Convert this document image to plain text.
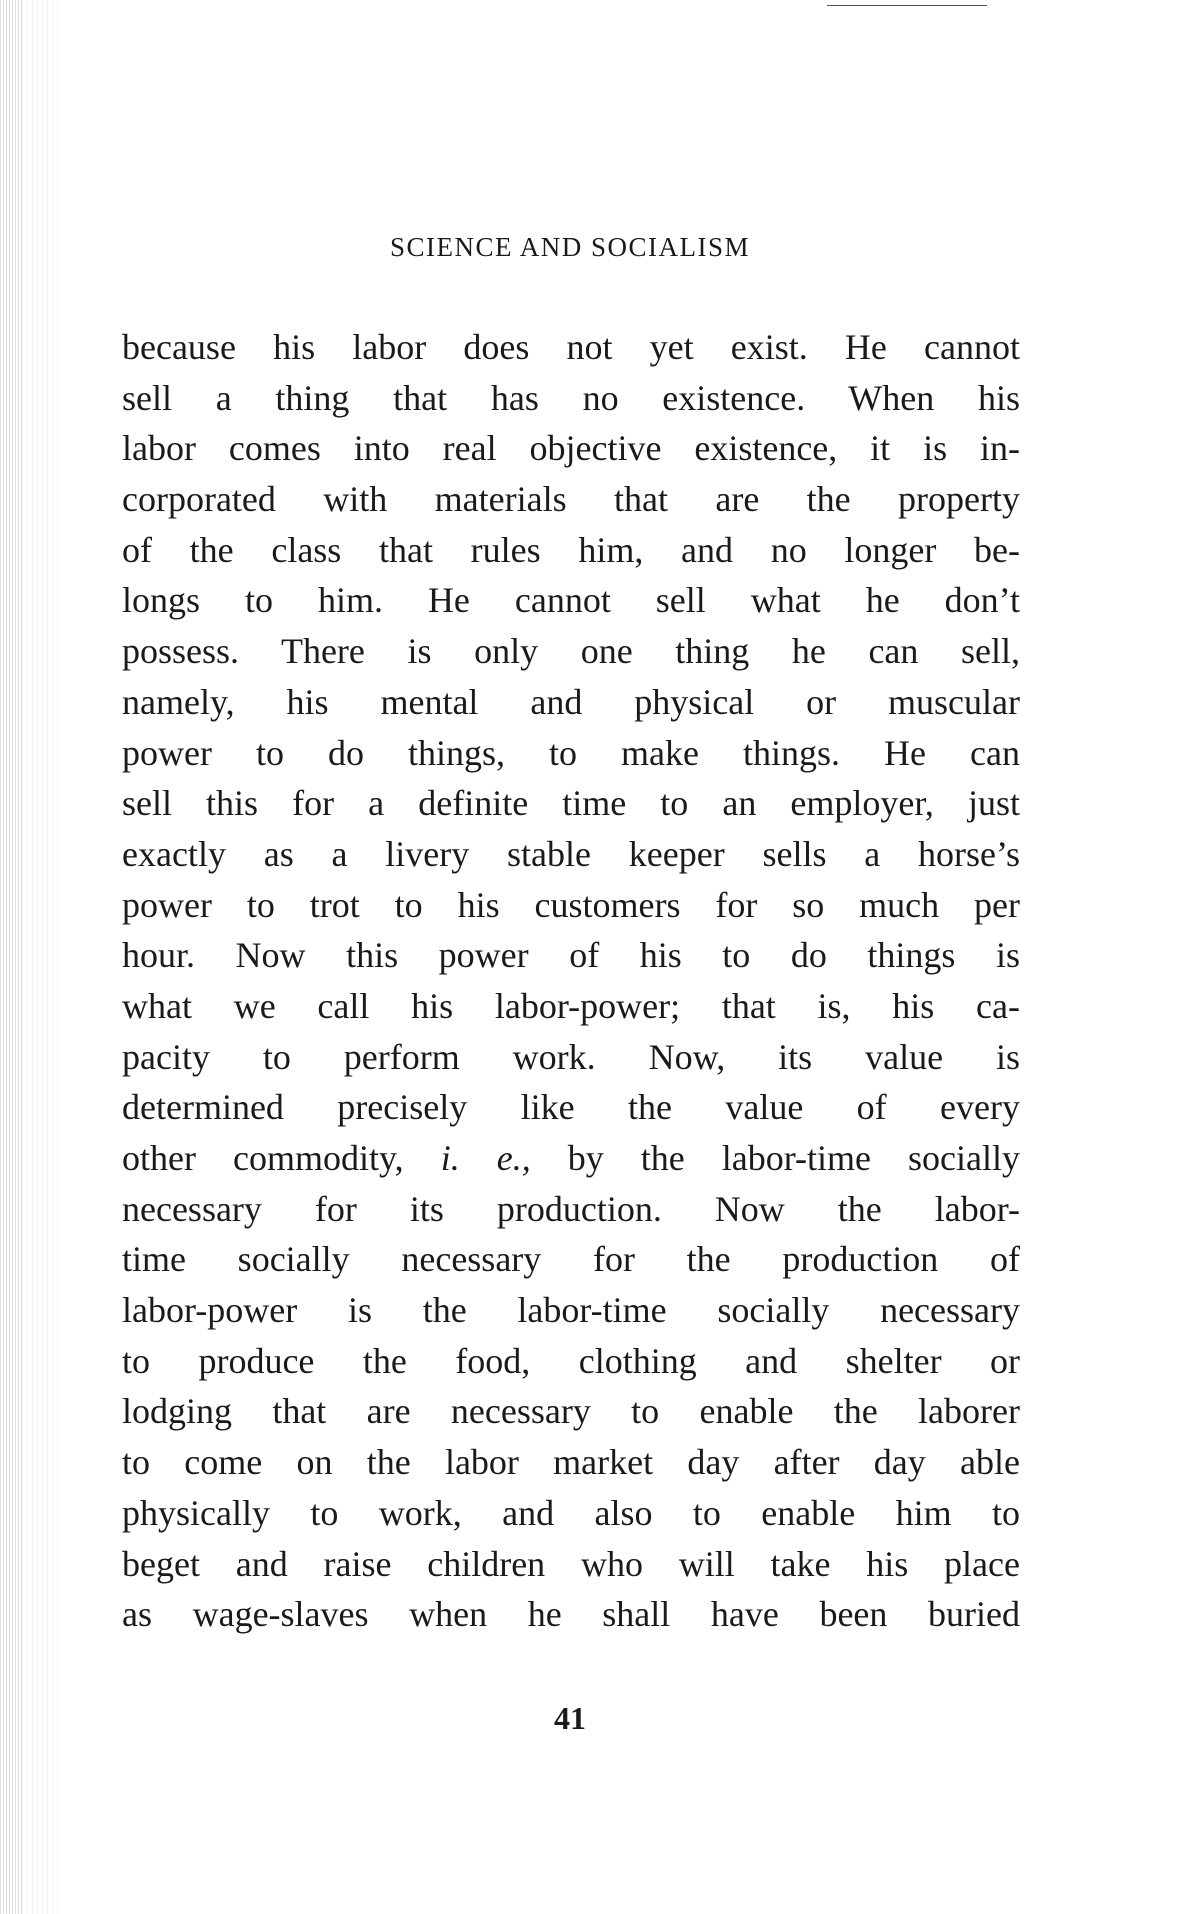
SCIENCE AND SOCIALISM
because his labor does not yet exist. He cannot
sell a thing that has no existence. When his
labor comes into real objective existence, it is in-
corporated with materials that are the property
of the class that rules him, and no longer be-
longs to him. He cannot sell what he don’t
possess. There is only one thing he can sell,
namely, his mental and physical or muscular
power to do things, to make things. He can
sell this for a definite time to an employer, just
exactly as a livery stable keeper sells a horse’s
power to trot to his customers for so much per
hour. Now this power of his to do things is
what we call his labor-power; that is, his ca-
pacity to perform work. Now, its value is
determined precisely like the value of every
other commodity, i. e., by the labor-time socially
necessary for its production. Now the labor-
time socially necessary for the production of
labor-power is the labor-time socially necessary
to produce the food, clothing and shelter or
lodging that are necessary to enable the laborer
to come on the labor market day after day able
physically to work, and also to enable him to
beget and raise children who will take his place
as wage-slaves when he shall have been buried
41
